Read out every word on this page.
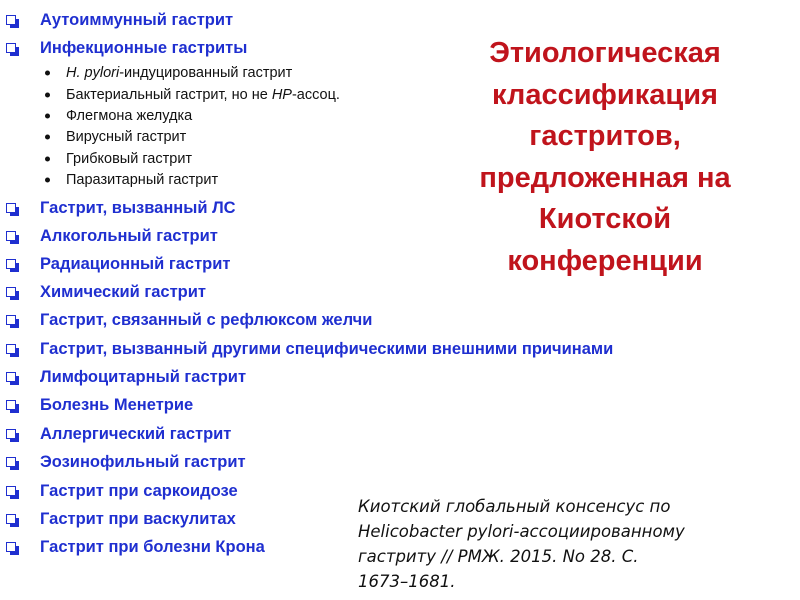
Аутоиммунный гастрит
Инфекционные гастриты
H. pylori-индуцированный гастрит
Бактериальный гастрит, но не HP-ассоц.
Флегмона желудка
Вирусный гастрит
Грибковый гастрит
Паразитарный гастрит
Гастрит, вызванный ЛС
Алкогольный гастрит
Радиационный гастрит
Химический гастрит
Гастрит, связанный с рефлюксом желчи
Гастрит, вызванный другими специфическими внешними причинами
Лимфоцитарный гастрит
Болезнь Менетрие
Аллергический гастрит
Эозинофильный гастрит
Гастрит при саркоидозе
Гастрит при васкулитах
Гастрит при болезни Крона
Этиологическая
классификация
гастритов,
предложенная на
Киотской
конференции
Киотский глобальный консенсус по
Helicobacter pylori-ассоциированному
гастриту // РМЖ. 2015. No 28. С.
1673–1681.
